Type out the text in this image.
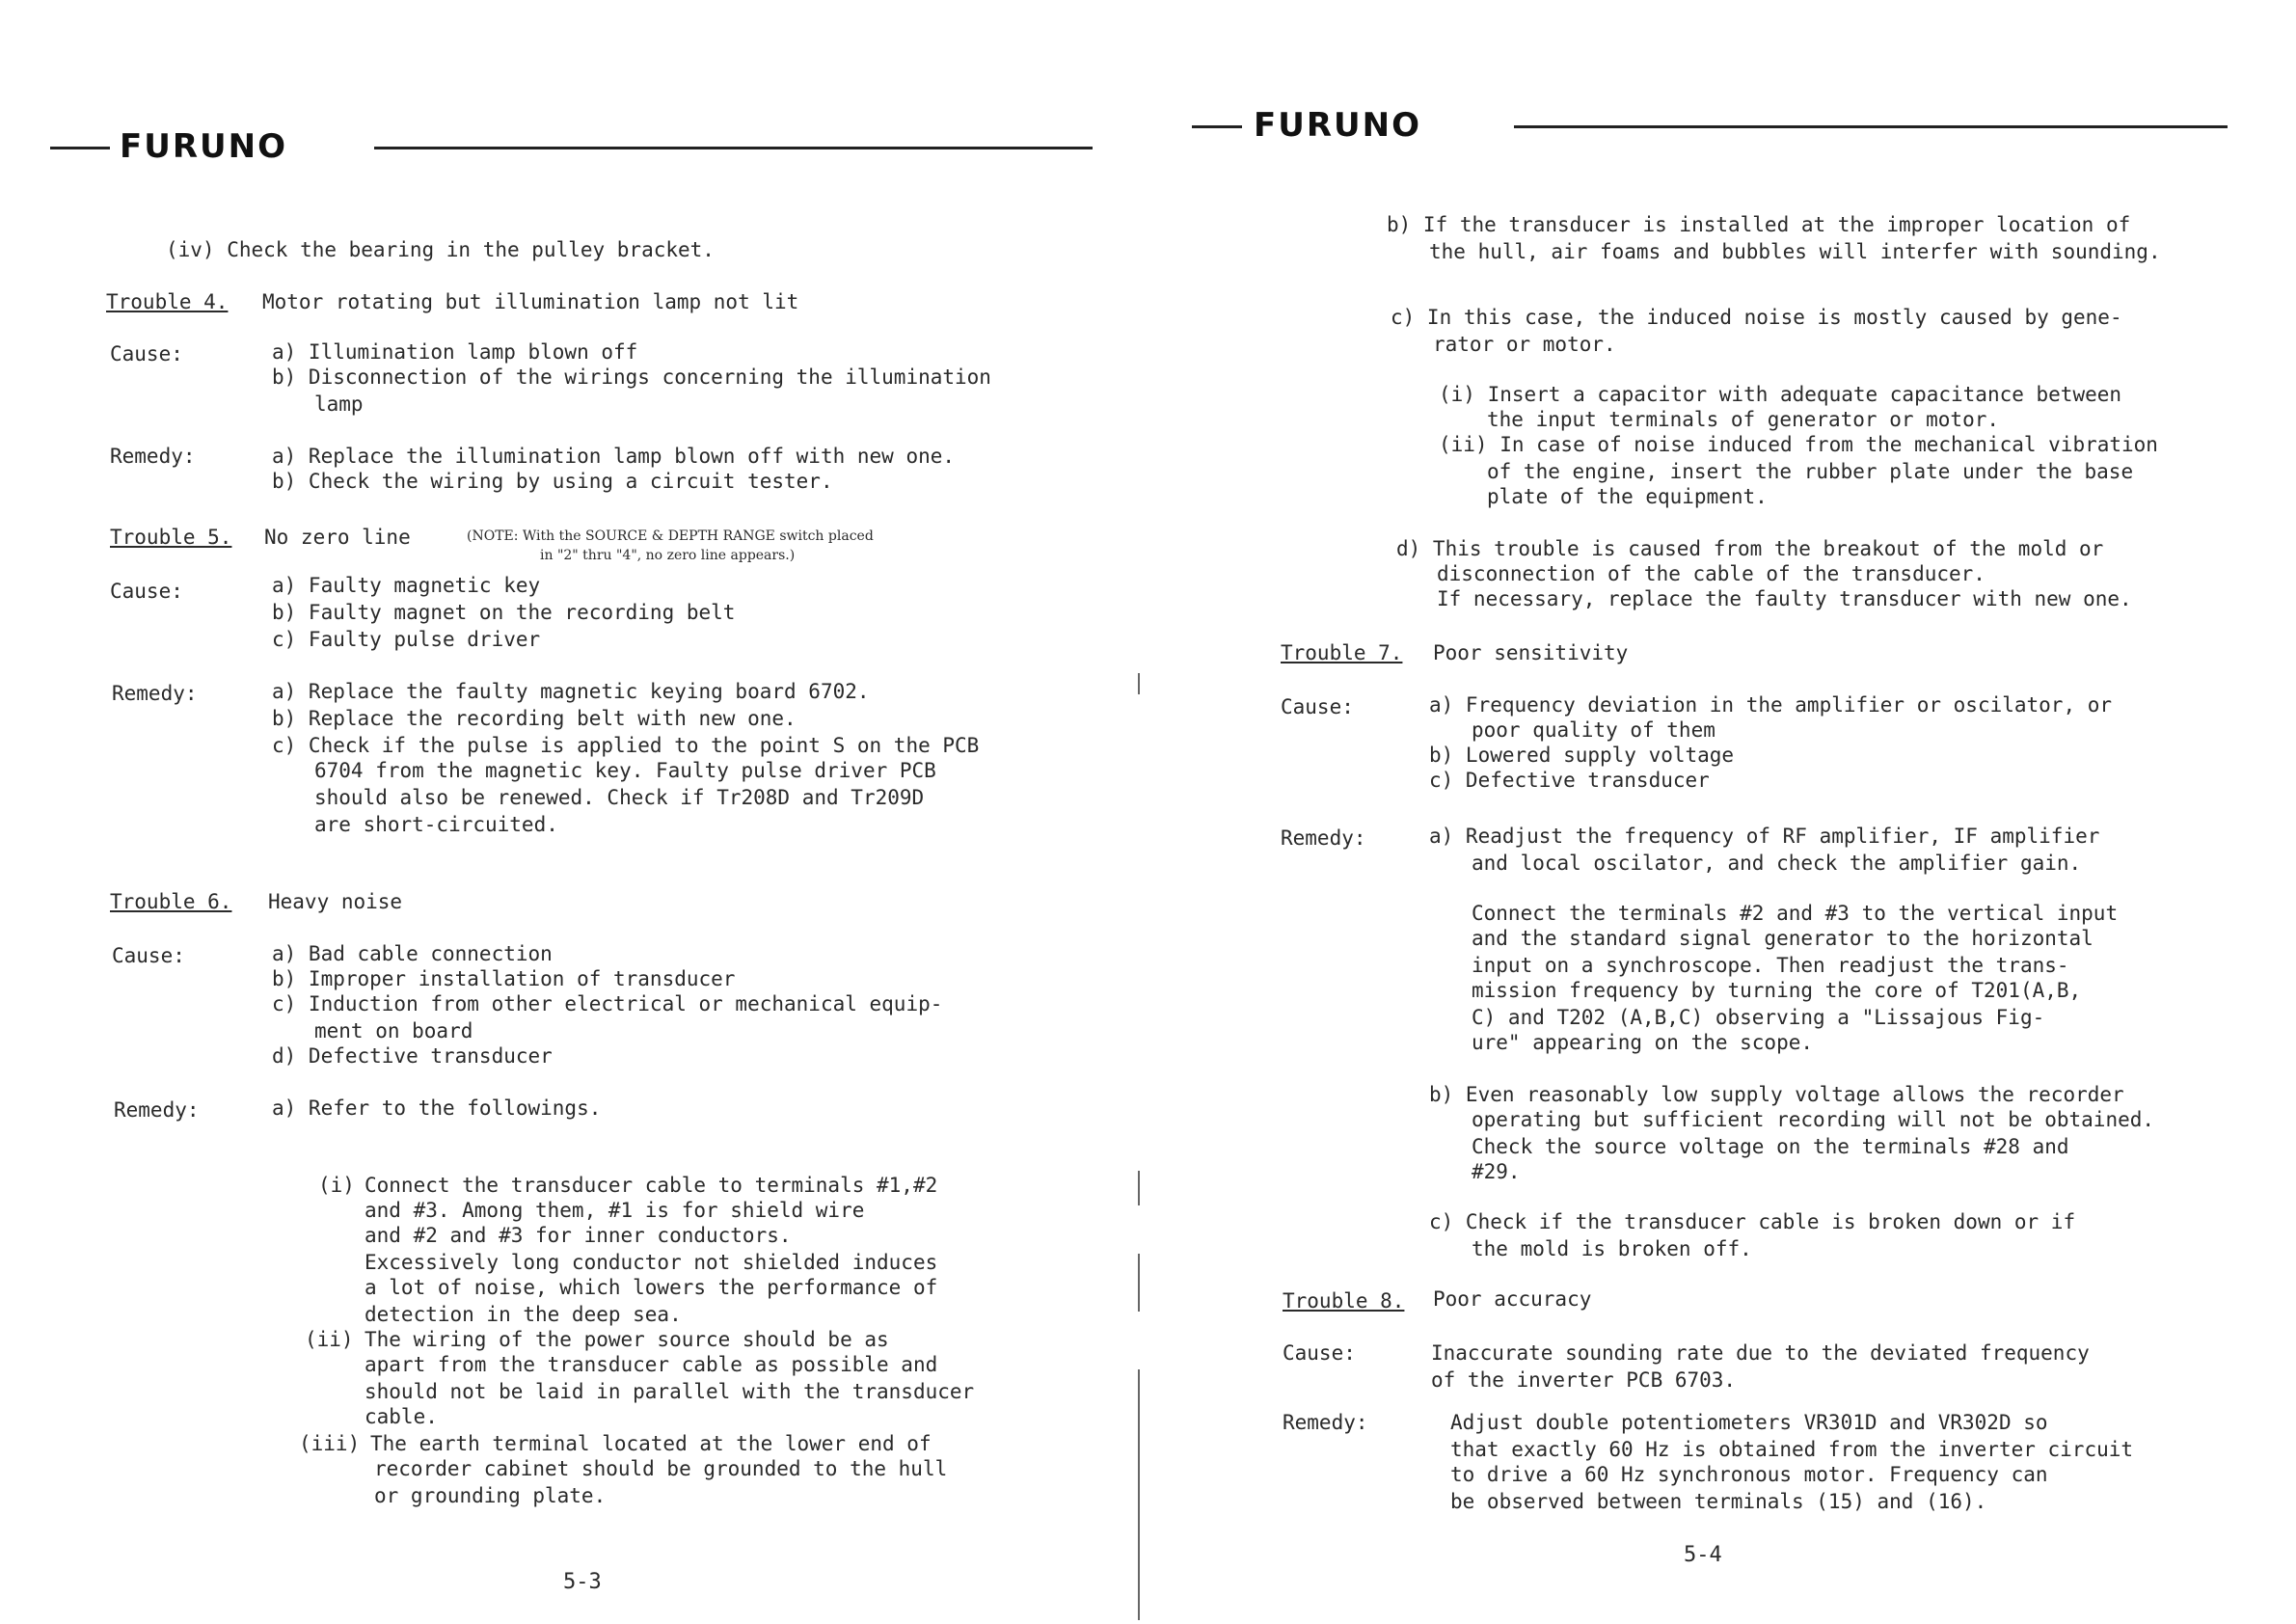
FURUNO
(iv) Check the bearing in the pulley bracket.
Trouble 4. Motor rotating but illumination lamp not lit
Cause:	a) Illumination lamp blown off
b) Disconnection of the wirings concerning the illumination
lamp
Remedy:	a) Replace the illumination lamp blown off with new one.
b) Check the wiring by using a circuit tester.
Trouble 5. No zero line	(NOTE: With the SOURCE & DEPTH RANGE switch placed
in "2" thru "4", no zero line appears.)
Cause:	a) Faulty magnetic key
b) Faulty magnet on the recording belt
c) Faulty pulse driver
Remedy:	a) Replace the faulty magnetic keying board 6702.
b) Replace the recording belt with new one.
c) Check if the pulse is applied to the point S on the PCB
6704 from the magnetic key. Faulty pulse driver PCB
should also be renewed. Check if Tr208D and Tr209D
are short-circuited.
Trouble 6. Heavy noise
Cause:	a) Bad cable connection
b) Improper installation of transducer
c) Induction from other electrical or mechanical equip-
ment on board
d) Defective transducer
Remedy:	a) Refer to the followings.
(i) Connect the transducer cable to terminals #1,#2
and #3. Among them, #1 is for shield wire
and #2 and #3 for inner conductors.
Excessively long conductor not shielded induces
a lot of noise, which lowers the performance of
detection in the deep sea.
(ii) The wiring of the power source should be as
apart from the transducer cable as possible and
should not be laid in parallel with the transducer
cable.
(iii) The earth terminal located at the lower end of
recorder cabinet should be grounded to the hull
or grounding plate.
5-3
FURUNO
b) If the transducer is installed at the improper location of
the hull, air foams and bubbles will interfer with sounding.
c) In this case, the induced noise is mostly caused by gene-
rator or motor.
(i) Insert a capacitor with adequate capacitance between
the input terminals of generator or motor.
(ii) In case of noise induced from the mechanical vibration
of the engine, insert the rubber plate under the base
plate of the equipment.
d) This trouble is caused from the breakout of the mold or
disconnection of the cable of the transducer.
If necessary, replace the faulty transducer with new one.
Trouble 7. Poor sensitivity
Cause:	a) Frequency deviation in the amplifier or oscilator, or
poor quality of them
b) Lowered supply voltage
c) Defective transducer
Remedy:	a) Readjust the frequency of RF amplifier, IF amplifier
and local oscilator, and check the amplifier gain.
Connect the terminals #2 and #3 to the vertical input
and the standard signal generator to the horizontal
input on a synchroscope. Then readjust the trans-
mission frequency by turning the core of T201(A,B,
C) and T202 (A,B,C) observing a "Lissajous Fig-
ure" appearing on the scope.
b) Even reasonably low supply voltage allows the recorder
operating but sufficient recording will not be obtained.
Check the source voltage on the terminals #28 and
#29.
c) Check if the transducer cable is broken down or if
the mold is broken off.
Trouble 8. Poor accuracy
Cause:	Inaccurate sounding rate due to the deviated frequency
of the inverter PCB 6703.
Remedy:	Adjust double potentiometers VR301D and VR302D so
that exactly 60 Hz is obtained from the inverter circuit
to drive a 60 Hz synchronous motor. Frequency can
be observed between terminals (15) and (16).
5-4
